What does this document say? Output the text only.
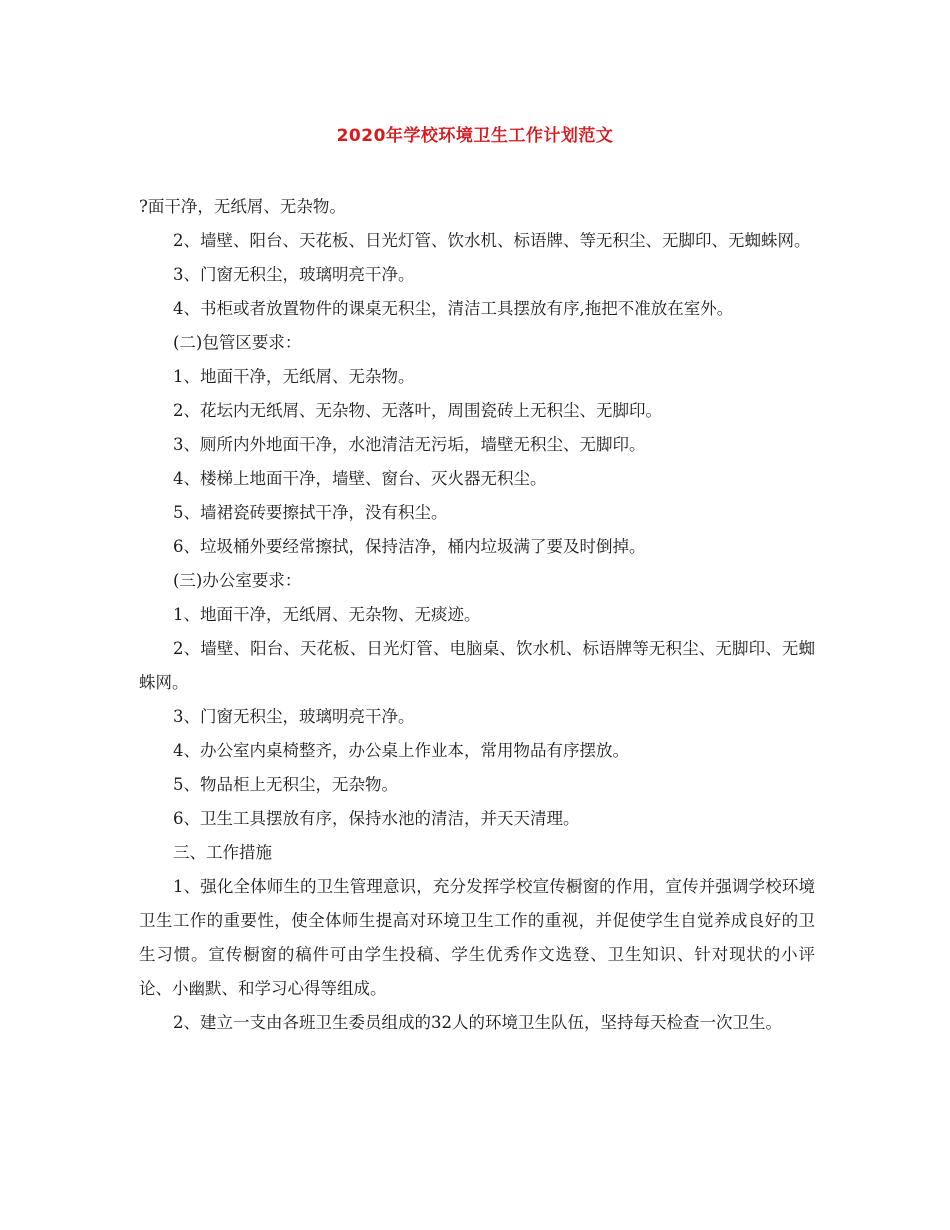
2020年学校环境卫生工作计划范文

?面干净，无纸屑、无杂物。

2、墙壁、阳台、天花板、日光灯管、饮水机、标语牌、等无积尘、无脚印、无蜘蛛网。

3、门窗无积尘，玻璃明亮干净。

4、书柜或者放置物件的课桌无积尘，清洁工具摆放有序,拖把不准放在室外。

(二)包管区要求：

1、地面干净，无纸屑、无杂物。

2、花坛内无纸屑、无杂物、无落叶，周围瓷砖上无积尘、无脚印。

3、厕所内外地面干净，水池清洁无污垢，墙壁无积尘、无脚印。

4、楼梯上地面干净，墙壁、窗台、灭火器无积尘。

5、墙裙瓷砖要擦拭干净，没有积尘。

6、垃圾桶外要经常擦拭，保持洁净，桶内垃圾满了要及时倒掉。

(三)办公室要求：

1、地面干净，无纸屑、无杂物、无痰迹。

2、墙壁、阳台、天花板、日光灯管、电脑桌、饮水机、标语牌等无积尘、无脚印、无蜘蛛网。

3、门窗无积尘，玻璃明亮干净。

4、办公室内桌椅整齐，办公桌上作业本，常用物品有序摆放。

5、物品柜上无积尘，无杂物。

6、卫生工具摆放有序，保持水池的清洁，并天天清理。

三、工作措施

1、强化全体师生的卫生管理意识，充分发挥学校宣传橱窗的作用，宣传并强调学校环境卫生工作的重要性，使全体师生提高对环境卫生工作的重视，并促使学生自觉养成良好的卫生习惯。宣传橱窗的稿件可由学生投稿、学生优秀作文选登、卫生知识、针对现状的小评论、小幽默、和学习心得等组成。

2、建立一支由各班卫生委员组成的32人的环境卫生队伍，坚持每天检查一次卫生。
